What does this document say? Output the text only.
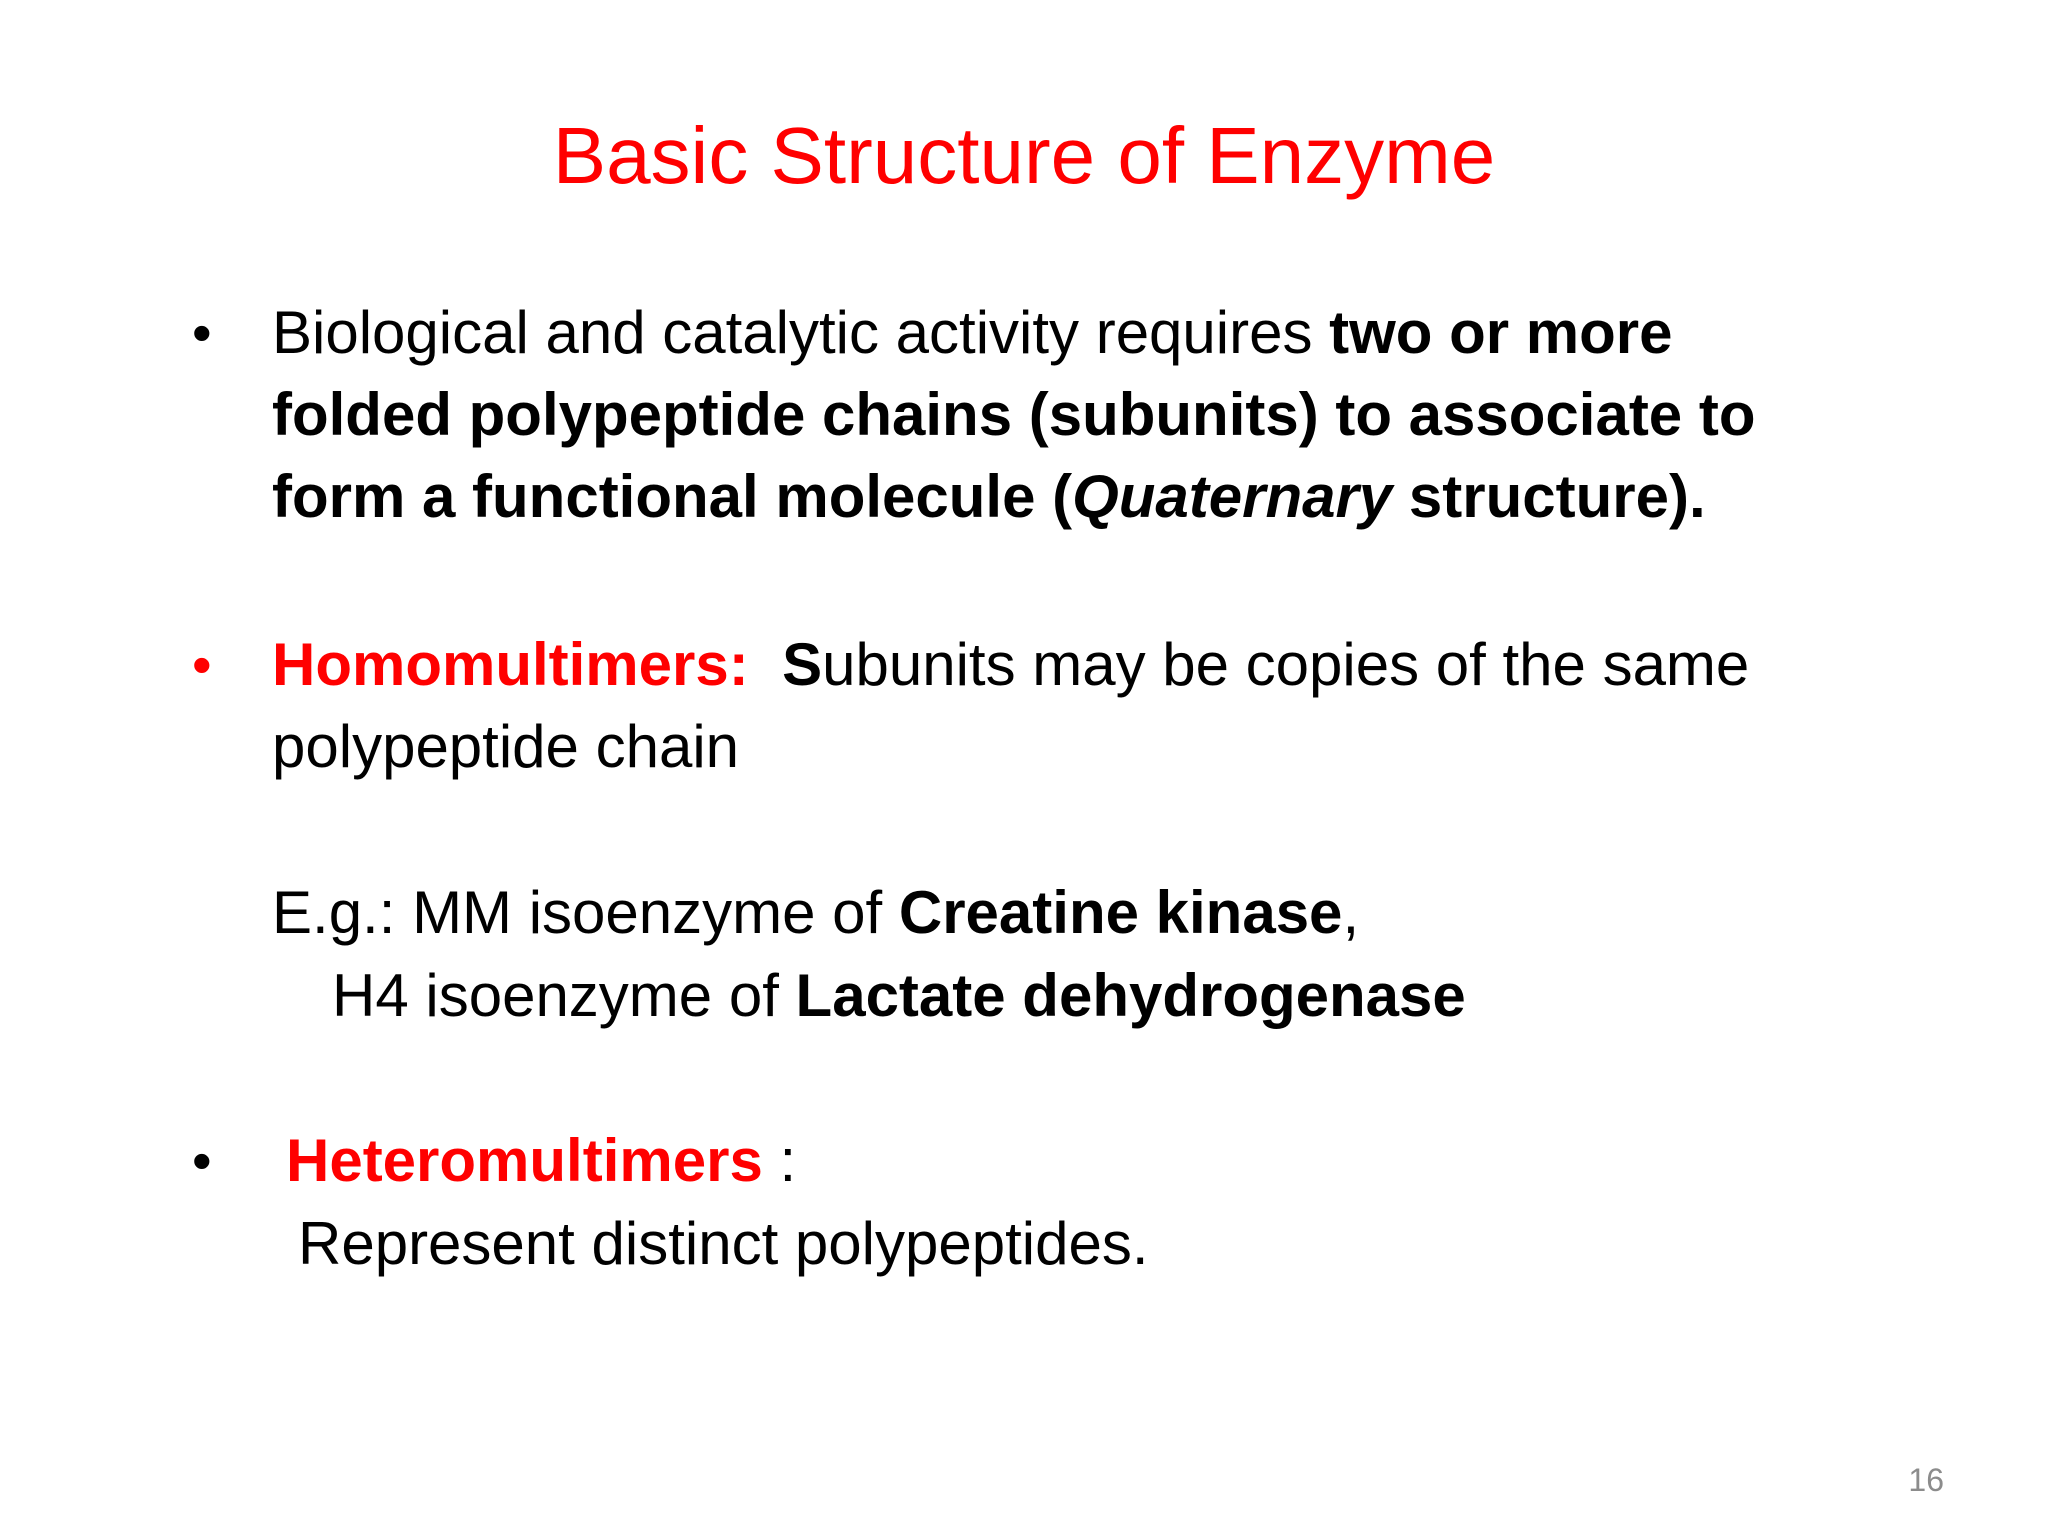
Basic Structure of Enzyme
• Biological and catalytic activity requires two or more folded polypeptide chains (subunits) to associate to form a functional molecule (Quaternary structure).

• Homomultimers: Subunits may be copies of the same polypeptide chain

E.g.: MM isoenzyme of Creatine kinase,

H4 isoenzyme of Lactate dehydrogenase

• Heteromultimers :

Represent distinct polypeptides.

16
